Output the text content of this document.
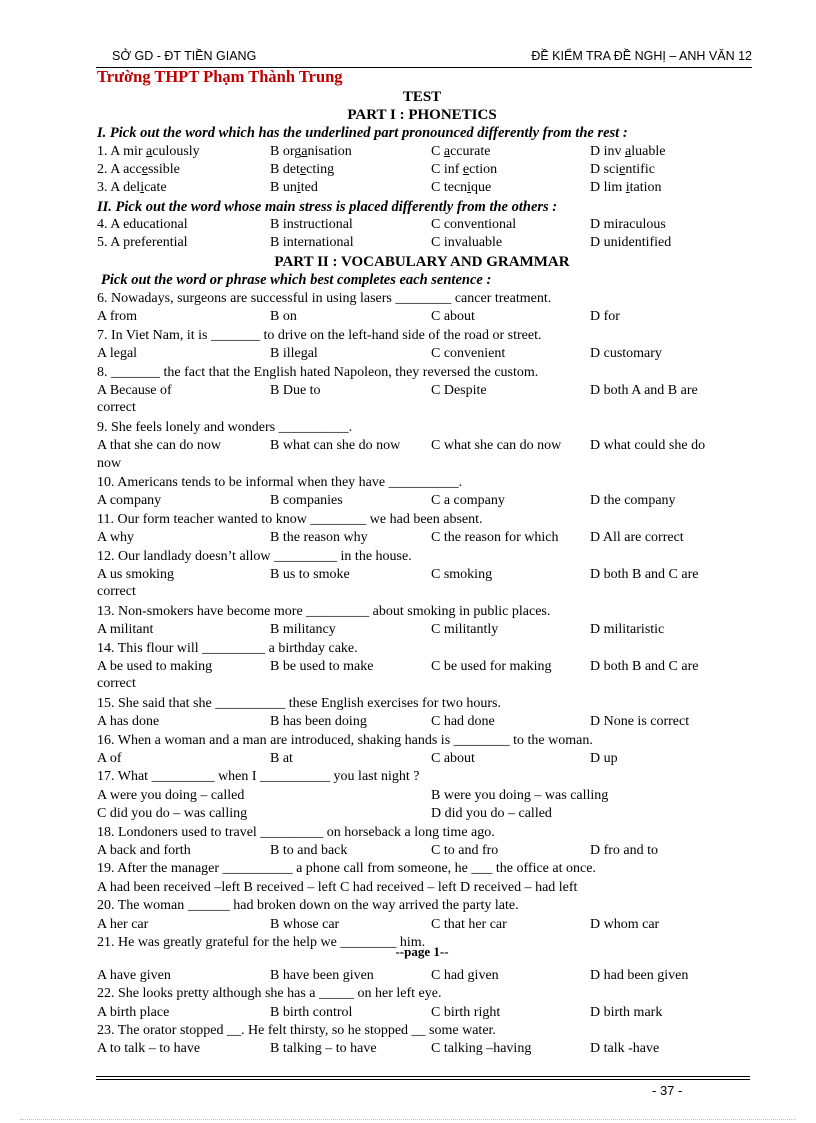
SỞ GD - ĐT TIỀN GIANG	ĐỀ KIỂM TRA ĐỀ NGHỊ – ANH VĂN 12
Trường THPT Phạm Thành Trung
TEST
PART I : PHONETICS
I. Pick out the word which has the underlined part pronounced differently from the rest :
1. A mir aculously	B organisation	C accurate	D inv aluable
2. A accessible	B detecting	C inf ection	D scientific
3. A delicate	B united	C tecnique	D lim itation
II. Pick out the word whose main stress is placed differently from the others :
4. A educational	B instructional	C conventional	D miraculous
5. A preferential	B international	C invaluable	D unidentified
PART II : VOCABULARY AND GRAMMAR
Pick out the word or phrase which best completes each sentence :
6. Nowadays, surgeons are successful in using lasers ________ cancer treatment.
A from	B on	C about	D for
7. In Viet Nam, it is _______ to drive on the left-hand side of the road or street.
A legal	B illegal	C convenient	D customary
8. _______ the fact that the English hated Napoleon, they reversed the custom.
A Because of	B Due to	C Despite	D both A and B are
correct
9. She feels lonely and wonders __________.
A that she can do now	B what can she do now C what she can do now D what could she do
now
10. Americans tends to be informal when they have __________.
A company	B companies	C a company	D the company
11. Our form teacher wanted to know ________ we had been absent.
A why	B the reason why	C the reason for which D All are correct
12. Our landlady doesn’t allow _________ in the house.
A us smoking	B us to smoke	C smoking	D both B and C are
correct
13. Non-smokers have become more _________ about smoking in public places.
A militant	B militancy	C militantly	D militaristic
14. This flour will _________ a birthday cake.
A be used to making	B be used to make	C be used for making	D both B and C are
correct
15. She said that she __________ these English exercises for two hours.
A has done	B has been doing	C had done	D None is correct
16. When a woman and a man are introduced, shaking hands is ________ to the woman.
A of	B at	C about	D up
17. What _________ when I __________ you last night ?
A were you doing – called	B were you doing – was calling
C did you do – was calling	D did you do – called
18. Londoners used to travel _________ on horseback a long time ago.
A back and forth	B to and back	C to and fro	D fro and to
19. After the manager __________ a phone call from someone, he ___ the office at once.
A had been received –left B received – left C had received – left D received – had left
20. The woman ______ had broken down on the way arrived the party late.
A her car	B whose car	C that her car	D whom car
21. He was greatly grateful for the help we ________ him.
--page 1--
A have given	B have been given	C had given	D had been given
22. She looks pretty although she has a _____ on her left eye.
A birth place	B birth control	C birth right	D birth mark
23. The orator stopped __. He felt thirsty, so he stopped __ some water.
A to talk – to have	B talking – to have	C talking –having	D talk -have
- 37 -
